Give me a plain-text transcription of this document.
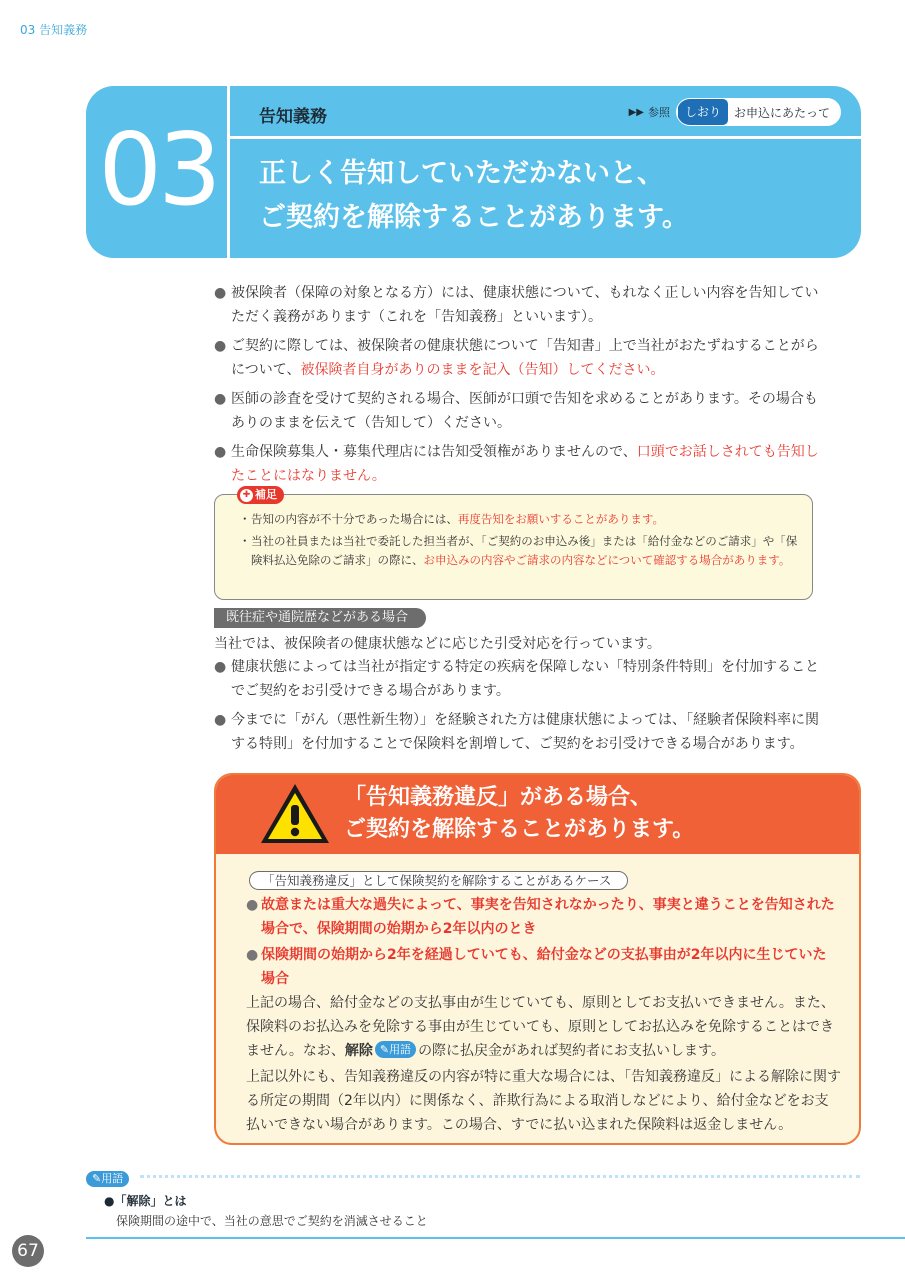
03 告知義務
03	告知義務	▶▶ 参照	しおり	お申込にあたって
正しく告知していただかないと、
ご契約を解除することがあります。
● 被保険者（保障の対象となる方）には、健康状態について、もれなく正しい内容を告知していただく義務があります（これを「告知義務」といいます）。
● ご契約に際しては、被保険者の健康状態について「告知書」上で当社がおたずねすることがらについて、被保険者自身がありのままを記入（告知）してください。
● 医師の診査を受けて契約される場合、医師が口頭で告知を求めることがあります。その場合もありのままを伝えて（告知して）ください。
● 生命保険募集人・募集代理店には告知受領権がありませんので、口頭でお話しされても告知したことにはなりません。
✚ 補足
・ 告知の内容が不十分であった場合には、再度告知をお願いすることがあります。
・ 当社の社員または当社で委託した担当者が、「ご契約のお申込み後」または「給付金などのご請求」や「保険料払込免除のご請求」の際に、お申込みの内容やご請求の内容などについて確認する場合があります。
既往症や通院歴などがある場合
当社では、被保険者の健康状態などに応じた引受対応を行っています。
● 健康状態によっては当社が指定する特定の疾病を保障しない「特別条件特則」を付加することでご契約をお引受けできる場合があります。
● 今までに「がん（悪性新生物）」を経験された方は健康状態によっては、「経験者保険料率に関する特則」を付加することで保険料を割増して、ご契約をお引受けできる場合があります。
「告知義務違反」がある場合、
ご契約を解除することがあります。
「告知義務違反」として保険契約を解除することがあるケース
● 故意または重大な過失によって、事実を告知されなかったり、事実と違うことを告知された場合で、保険期間の始期から2年以内のとき
● 保険期間の始期から2年を経過していても、給付金などの支払事由が2年以内に生じていた場合
上記の場合、給付金などの支払事由が生じていても、原則としてお支払いできません。また、保険料のお払込みを免除する事由が生じていても、原則としてお払込みを免除することはできません。なお、解除 ✎用語 の際に払戻金があれば契約者にお支払いします。
上記以外にも、告知義務違反の内容が特に重大な場合には、「告知義務違反」による解除に関する所定の期間（2年以内）に関係なく、詐欺行為による取消しなどにより、給付金などをお支払いできない場合があります。この場合、すでに払い込まれた保険料は返金しません。
✎用語
●「解除」とは
保険期間の途中で、当社の意思でご契約を消滅させること
67
